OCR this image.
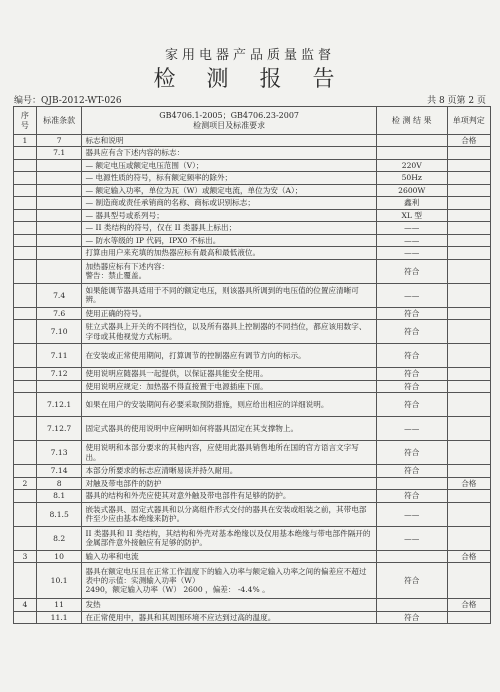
家用电器产品质量监督
检 测 报 告
编号：QJB-2012-WT-026	共 8 页第 2 页
序号	标准条款	GB4706.1-2005；GB4706.23-2007
检测项目及标准要求	检 测 结 果	单项判定
1	7	标志和说明		合格
	7.1	器具应有含下述内容的标志：		
		— 额定电压或额定电压范围（V）；	220V	
		— 电源性质的符号，标有额定频率的除外；	50Hz	
		— 额定输入功率，单位为瓦（W）或额定电流，单位为安（A）；	2600W	
		— 制造商或责任承销商的名称、商标或识别标志；	鑫利	
		— 器具型号或系列号；	XL 型	
		— II 类结构的符号，仅在 II 类器具上标出；	——	
		— 防水等级的 IP 代码，IPX0 不标出。	——	
		打算由用户来充填的加热器应标有最高和最低液位。	——	
		加热器应标有下述内容：
警告：禁止覆盖。	符合	
	7.4	如果能调节器具适用于不同的额定电压，则该器具所调到的电压值的位置应清晰可辨。	——	
	7.6	使用正确的符号。	符合	
	7.10	驻立式器具上开关的不同挡位，以及所有器具上控制器的不同挡位，都应该用数字、字母或其他视觉方式标明。	符合	
	7.11	在安装或正常使用期间，打算调节的控制器应有调节方向的标示。	符合	
	7.12	使用说明应随器具一起提供，以保证器具能安全使用。	符合	
		使用说明应规定：加热器不得直接置于电源插座下面。	符合	
	7.12.1	如果在用户的安装期间有必要采取预防措施，则应给出相应的详细说明。	符合	
	7.12.7	固定式器具的使用说明中应阐明如何将器具固定在其支撑物上。	——	
	7.13	使用说明和本部分要求的其他内容，应使用此器具销售地所在国的官方语言文字写出。	符合	
	7.14	本部分所要求的标志应清晰易读并持久耐用。	符合	
2	8	对触及带电部件的防护		合格
	8.1	器具的结构和外壳应使其对意外触及带电部件有足够的防护。	符合	
	8.1.5	嵌装式器具、固定式器具和以分离组件形式交付的器具在安装或组装之前，其带电部件至少应由基本绝缘来防护。	——	
	8.2	II 类器具和 II 类结构，其结构和外壳对基本绝缘以及仅用基本绝缘与带电部件隔开的金属部件意外接触应有足够的防护。	——	
3	10	输入功率和电流		合格
	10.1	器具在额定电压且在正常工作温度下的输入功率与额定输入功率之间的偏差应不超过表中的示值：实测输入功率（W）
2490，额定输入功率（W） 2600 ，偏差： -4.4% 。	符合	
4	11	发热		合格
	11.1	在正常使用中，器具和其周围环境不应达到过高的温度。	符合	
